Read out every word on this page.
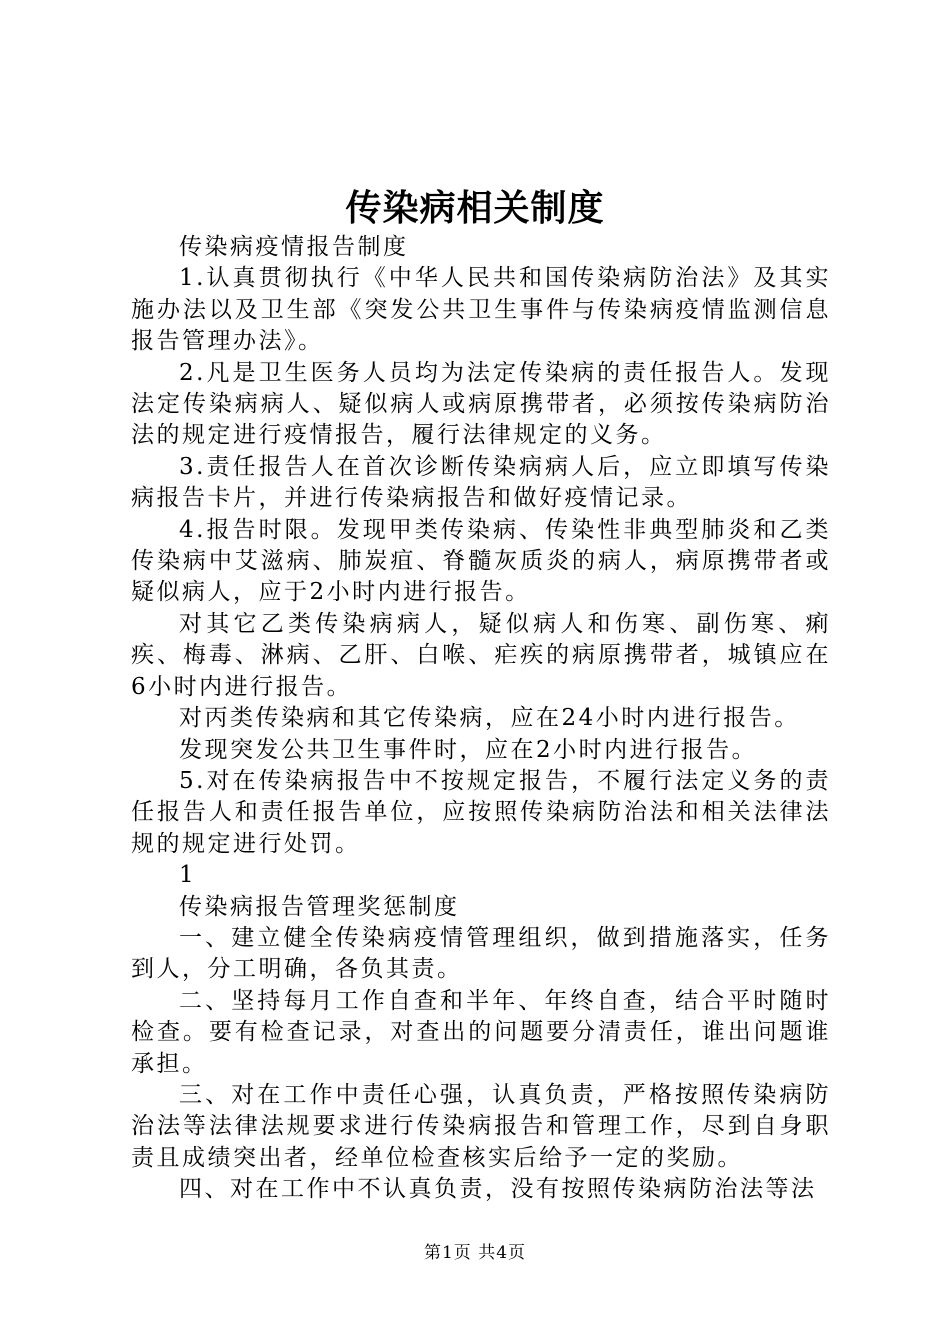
传染病相关制度

传染病疫情报告制度

1.认真贯彻执行《中华人民共和国传染病防治法》及其实施办法以及卫生部《突发公共卫生事件与传染病疫情监测信息报告管理办法》。

2.凡是卫生医务人员均为法定传染病的责任报告人。发现法定传染病病人、疑似病人或病原携带者，必须按传染病防治法的规定进行疫情报告，履行法律规定的义务。

3.责任报告人在首次诊断传染病病人后，应立即填写传染病报告卡片，并进行传染病报告和做好疫情记录。

4.报告时限。发现甲类传染病、传染性非典型肺炎和乙类传染病中艾滋病、肺炭疽、脊髓灰质炎的病人，病原携带者或疑似病人，应于2小时内进行报告。

对其它乙类传染病病人，疑似病人和伤寒、副伤寒、痢疾、梅毒、淋病、乙肝、白喉、疟疾的病原携带者，城镇应在6小时内进行报告。

对丙类传染病和其它传染病，应在24小时内进行报告。

发现突发公共卫生事件时，应在2小时内进行报告。

5.对在传染病报告中不按规定报告，不履行法定义务的责任报告人和责任报告单位，应按照传染病防治法和相关法律法规的规定进行处罚。

1

传染病报告管理奖惩制度

一、建立健全传染病疫情管理组织，做到措施落实，任务到人，分工明确，各负其责。

二、坚持每月工作自查和半年、年终自查，结合平时随时检查。要有检查记录，对查出的问题要分清责任，谁出问题谁承担。

三、对在工作中责任心强，认真负责，严格按照传染病防治法等法律法规要求进行传染病报告和管理工作，尽到自身职责且成绩突出者，经单位检查核实后给予一定的奖励。

四、对在工作中不认真负责，没有按照传染病防治法等法

第1页 共4页
